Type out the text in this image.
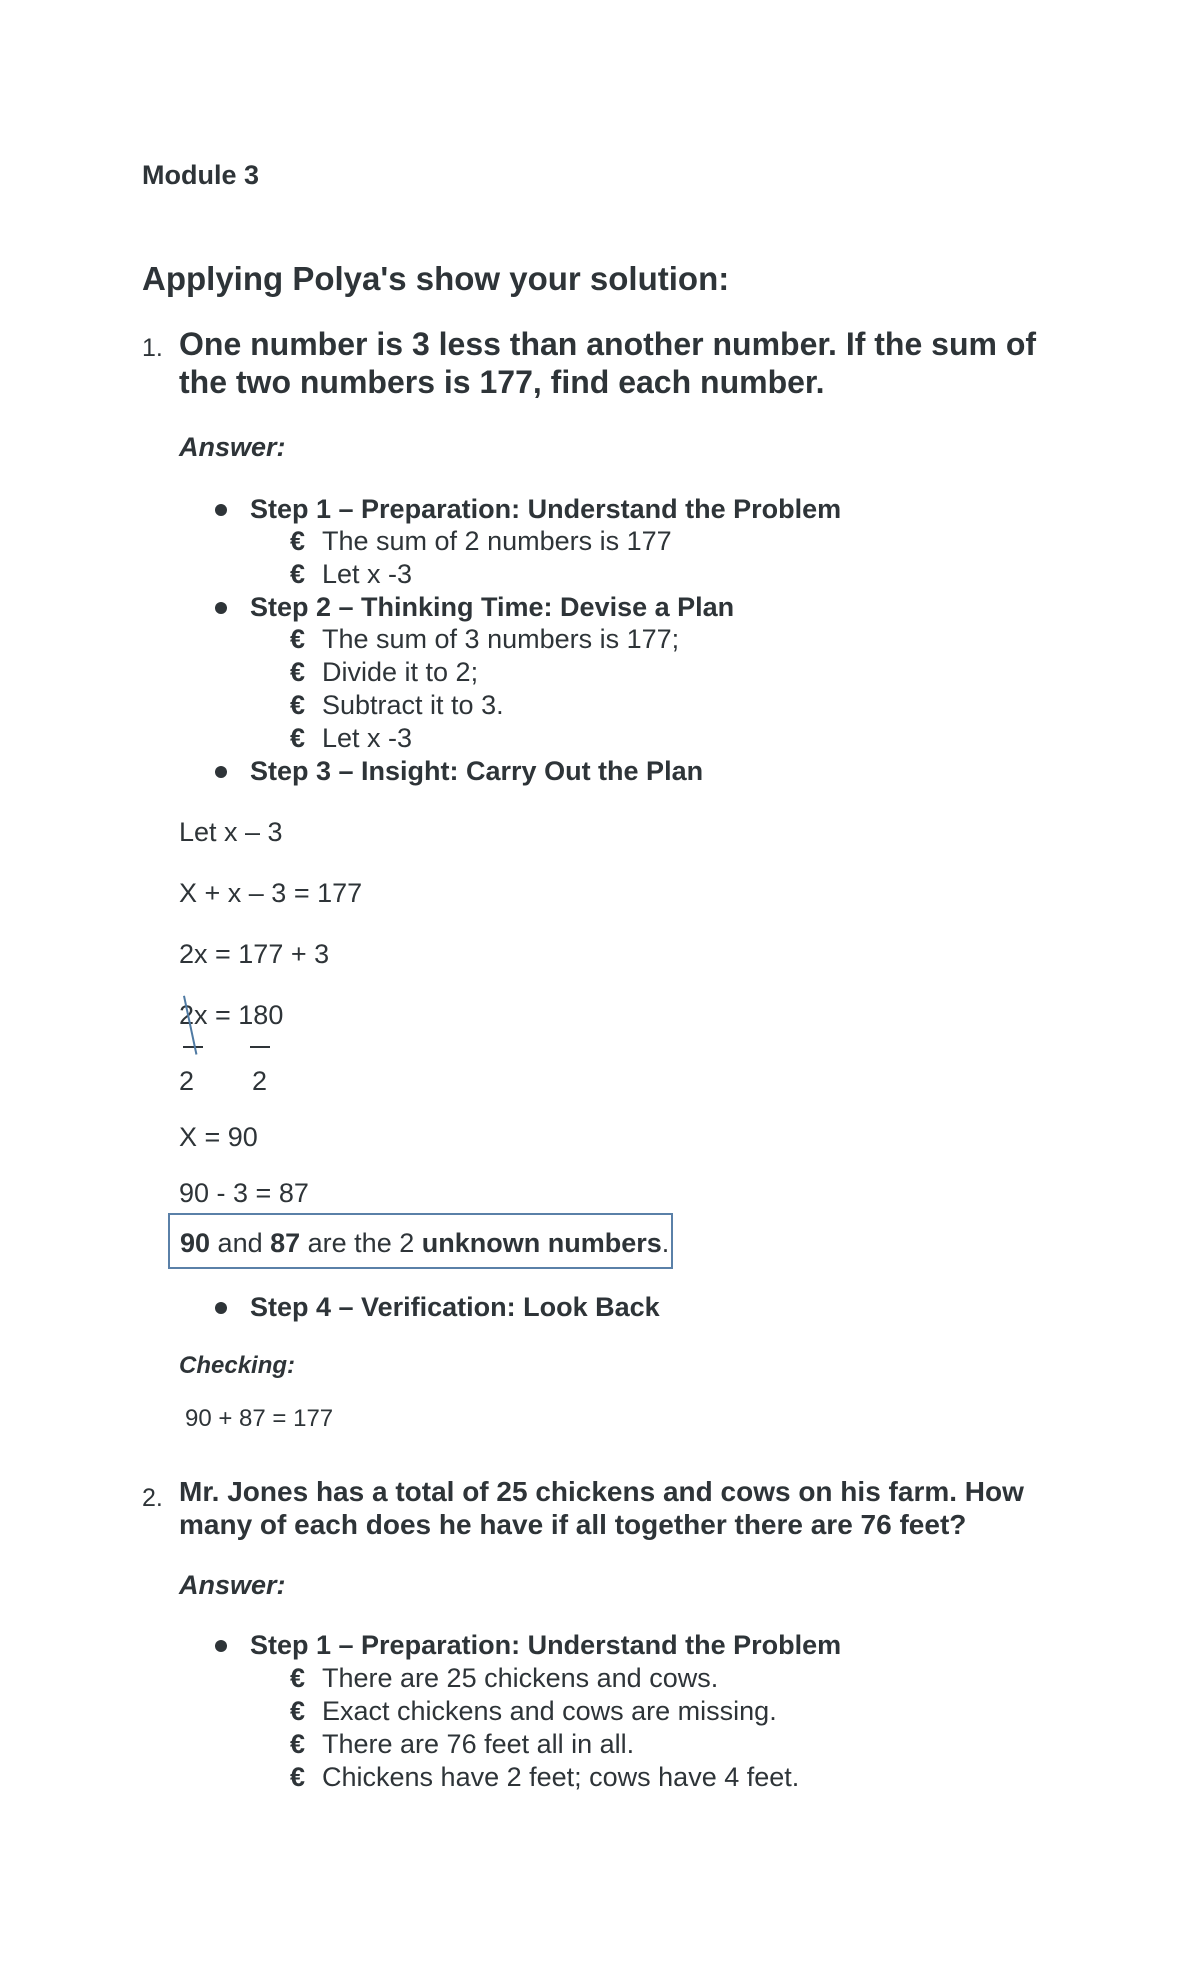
Module 3
Applying Polya's show your solution:
1. One number is 3 less than another number. If the sum of the two numbers is 177, find each number.
Answer:
Step 1 – Preparation: Understand the Problem
€ The sum of 2 numbers is 177
€ Let x -3
Step 2 – Thinking Time: Devise a Plan
€ The sum of 3 numbers is 177;
€ Divide it to 2;
€ Subtract it to 3.
€ Let x -3
Step 3 – Insight: Carry Out the Plan
Let x – 3
X + x – 3 = 177
2x = 177 + 3
2x = 180
2 2
X = 90
90 - 3 = 87
90 and 87 are the 2 unknown numbers.
Step 4 – Verification: Look Back
Checking:
90 + 87 = 177
2. Mr. Jones has a total of 25 chickens and cows on his farm. How many of each does he have if all together there are 76 feet?
Answer:
Step 1 – Preparation: Understand the Problem
€ There are 25 chickens and cows.
€ Exact chickens and cows are missing.
€ There are 76 feet all in all.
€ Chickens have 2 feet; cows have 4 feet.
